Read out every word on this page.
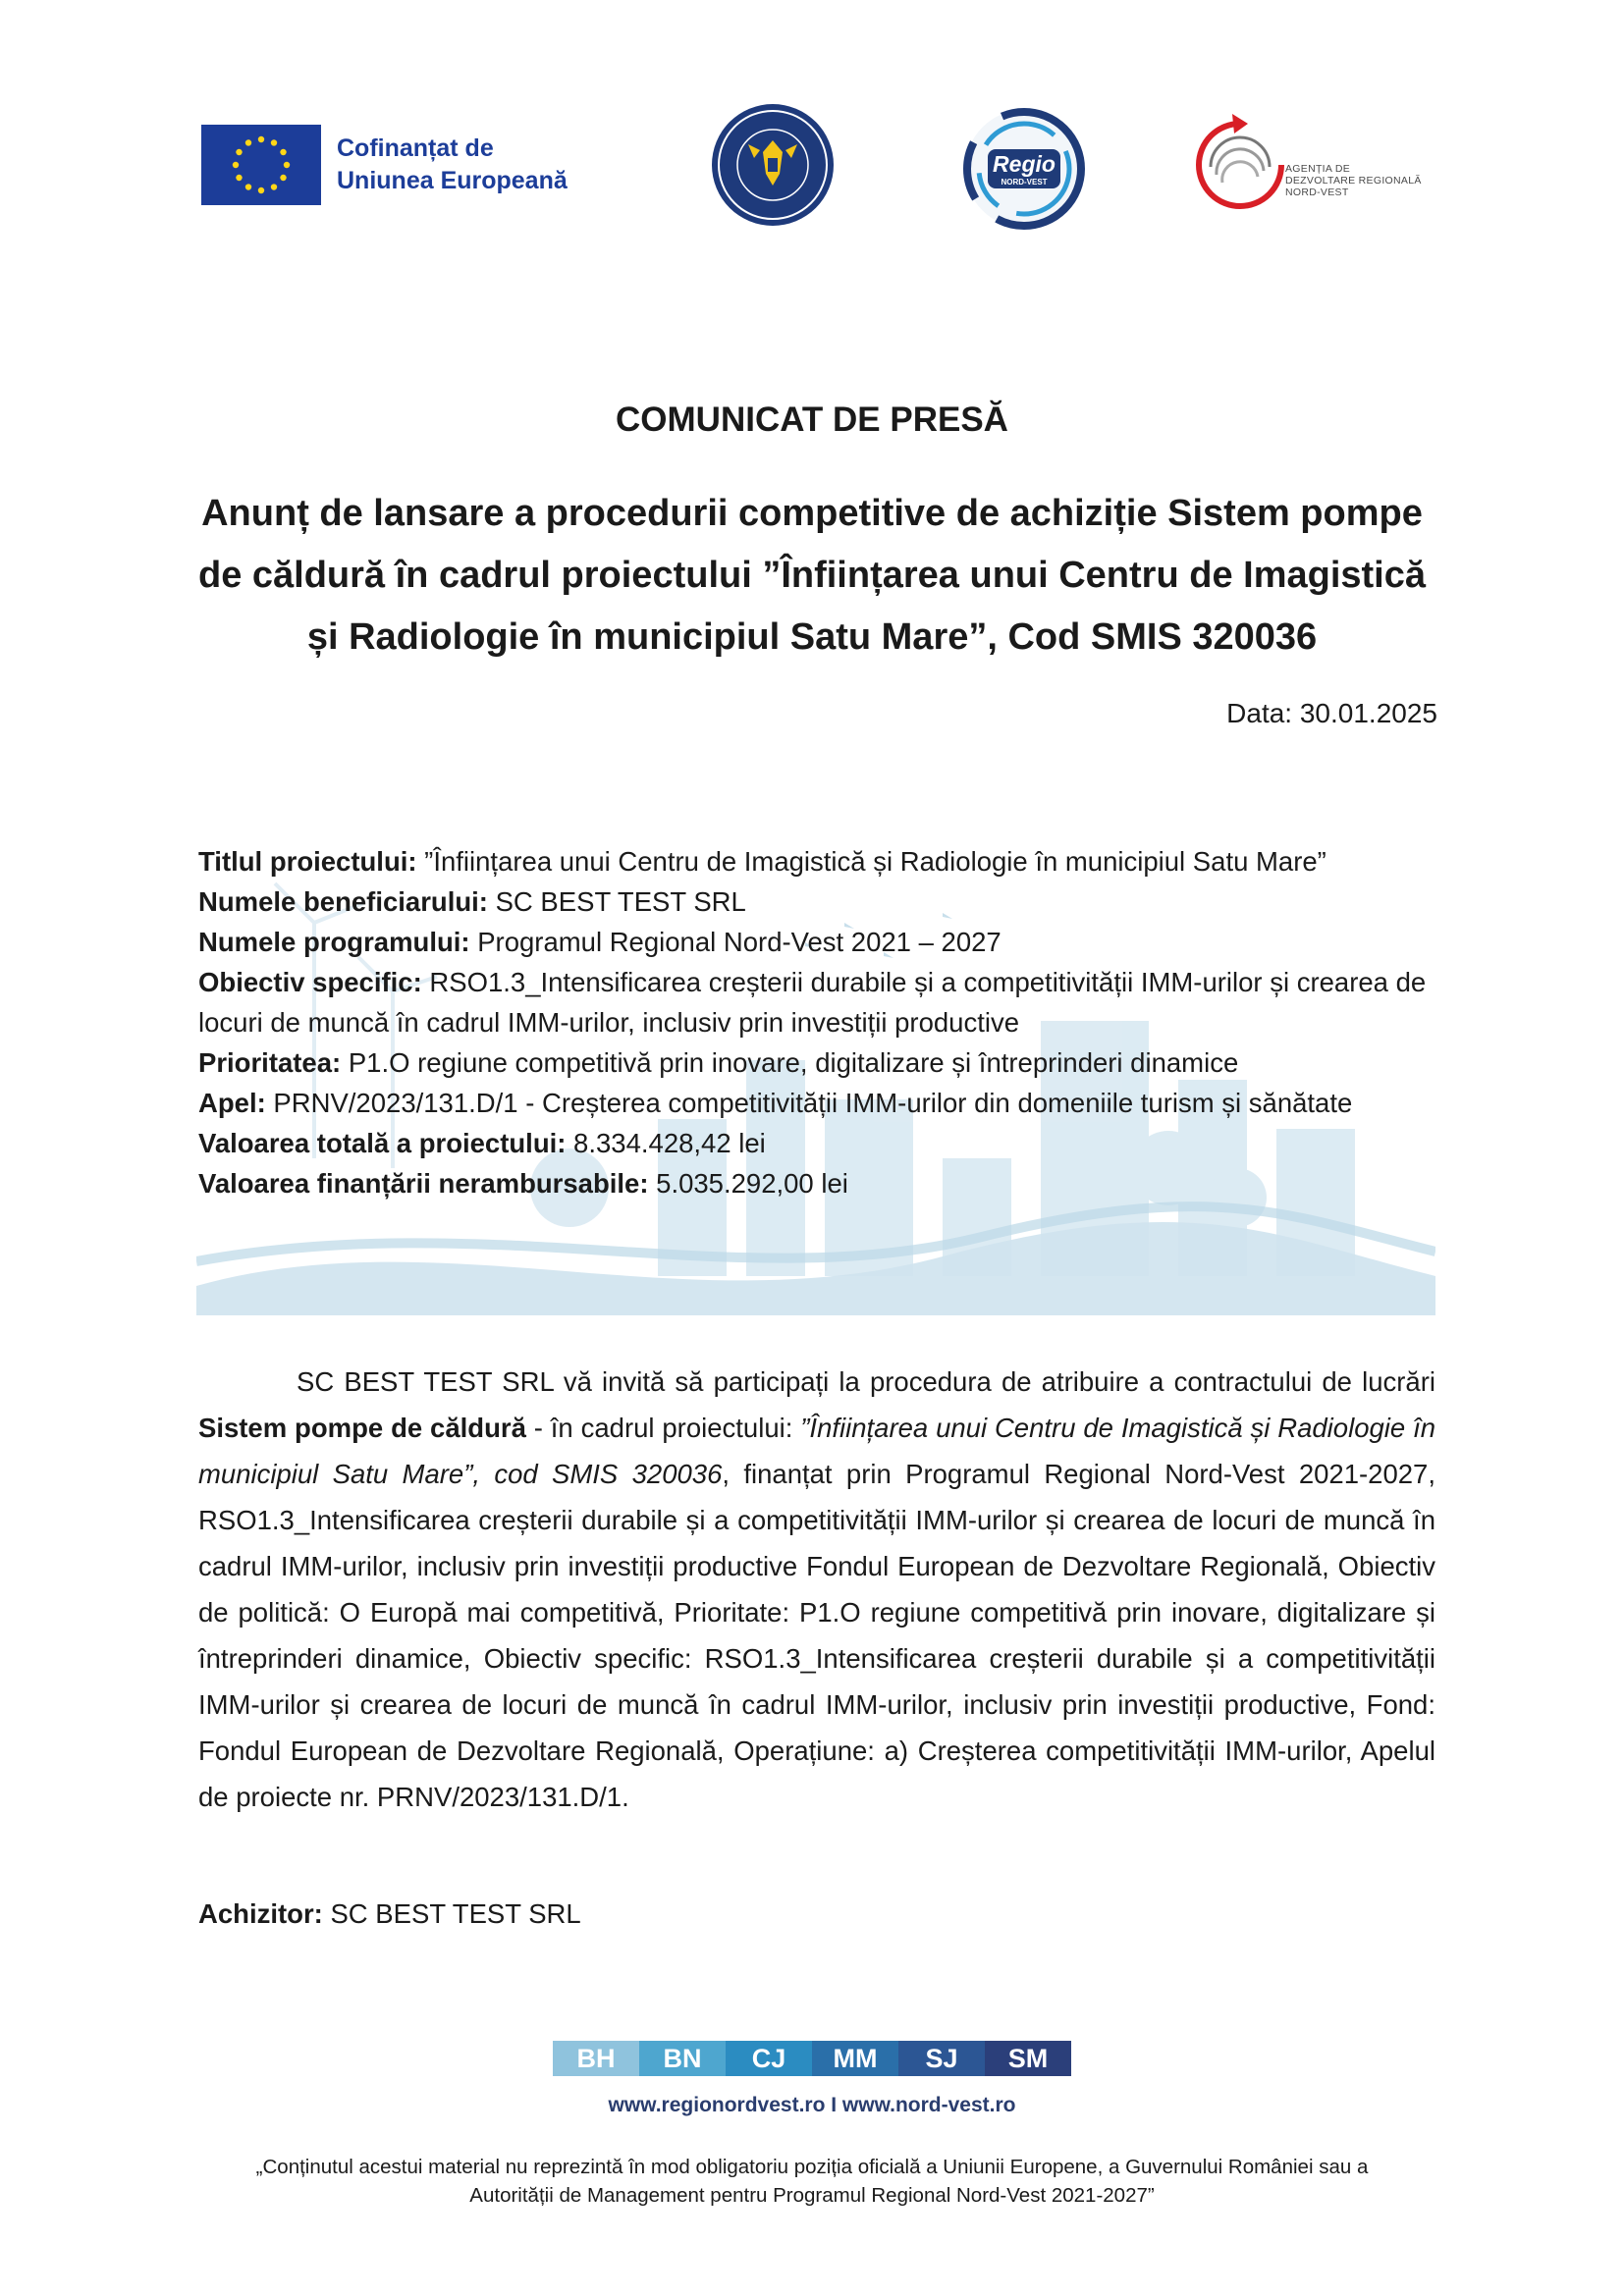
Cofinanțat de
Uniunea Europeană
Regio
NORD-VEST
AGENȚIA DE
DEZVOLTARE REGIONALĂ
NORD-VEST
COMUNICAT DE PRESĂ
Anunț de lansare a procedurii competitive de achiziție Sistem pompe de căldură în cadrul proiectului ”Înființarea unui Centru de Imagistică și Radiologie în municipiul Satu Mare”, Cod SMIS 320036
Data: 30.01.2025
Titlul proiectului: ”Înființarea unui Centru de Imagistică și Radiologie în municipiul Satu Mare”
Numele beneficiarului: SC BEST TEST SRL
Numele programului: Programul Regional Nord-Vest 2021 – 2027
Obiectiv specific: RSO1.3_Intensificarea creșterii durabile și a competitivității IMM-urilor și crearea de locuri de muncă în cadrul IMM-urilor, inclusiv prin investiții productive
Prioritatea: P1.O regiune competitivă prin inovare, digitalizare și întreprinderi dinamice
Apel: PRNV/2023/131.D/1 - Creșterea competitivității IMM-urilor din domeniile turism și sănătate
Valoarea totală a proiectului: 8.334.428,42 lei
Valoarea finanțării nerambursabile: 5.035.292,00 lei
SC BEST TEST SRL vă invită să participați la procedura de atribuire a contractului de lucrări Sistem pompe de căldură - în cadrul proiectului: ”Înființarea unui Centru de Imagistică și Radiologie în municipiul Satu Mare”, cod SMIS 320036, finanțat prin Programul Regional Nord-Vest 2021-2027, RSO1.3_Intensificarea creșterii durabile și a competitivității IMM-urilor și crearea de locuri de muncă în cadrul IMM-urilor, inclusiv prin investiții productive Fondul European de Dezvoltare Regională, Obiectiv de politică: O Europă mai competitivă, Prioritate: P1.O regiune competitivă prin inovare, digitalizare și întreprinderi dinamice, Obiectiv specific: RSO1.3_Intensificarea creșterii durabile și a competitivității IMM-urilor și crearea de locuri de muncă în cadrul IMM-urilor, inclusiv prin investiții productive, Fond: Fondul European de Dezvoltare Regională, Operațiune: a) Creșterea competitivității IMM-urilor, Apelul de proiecte nr. PRNV/2023/131.D/1.
Achizitor: SC BEST TEST SRL
BH	BN	CJ	MM	SJ	SM
www.regionordvest.ro I www.nord-vest.ro
„Conținutul acestui material nu reprezintă în mod obligatoriu poziția oficială a Uniunii Europene, a Guvernului României sau a Autorității de Management pentru Programul Regional Nord-Vest 2021-2027”
